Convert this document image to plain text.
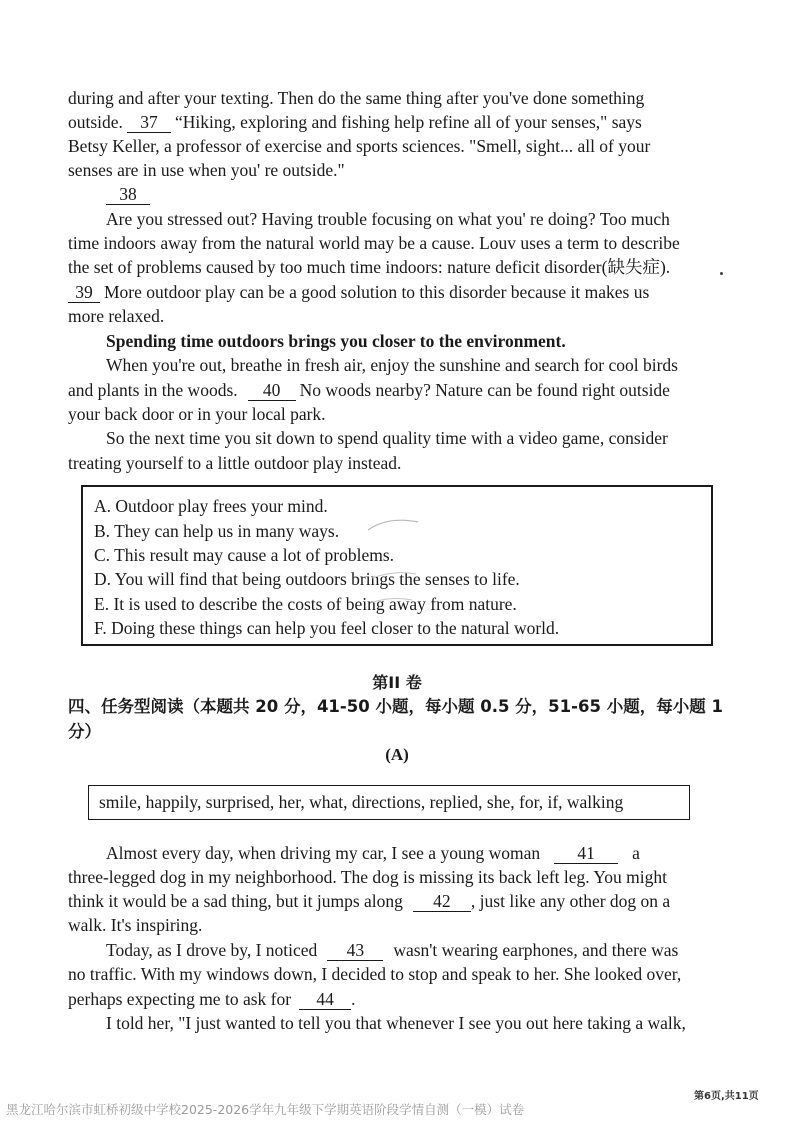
during and after your texting. Then do the same thing after you've done something
outside. 37 “Hiking, exploring and fishing help refine all of your senses," says
Betsy Keller, a professor of exercise and sports sciences. "Smell, sight... all of your
senses are in use when you' re outside."
38
Are you stressed out? Having trouble focusing on what you' re doing? Too much
time indoors away from the natural world may be a cause. Louv uses a term to describe
the set of problems caused by too much time indoors: nature deficit disorder(缺失症).
39 More outdoor play can be a good solution to this disorder because it makes us
more relaxed.
Spending time outdoors brings you closer to the environment.
When you're out, breathe in fresh air, enjoy the sunshine and search for cool birds
and plants in the woods. 40 No woods nearby? Nature can be found right outside
your back door or in your local park.
So the next time you sit down to spend quality time with a video game, consider
treating yourself to a little outdoor play instead.
A. Outdoor play frees your mind.
B. They can help us in many ways.
C. This result may cause a lot of problems.
D. You will find that being outdoors brings the senses to life.
E. It is used to describe the costs of being away from nature.
F. Doing these things can help you feel closer to the natural world.
第II 卷
四、任务型阅读（本题共 20 分，41-50 小题，每小题 0.5 分，51-65 小题，每小题 1
分）
(A)
smile, happily, surprised, her, what, directions, replied, she, for, if, walking
Almost every day, when driving my car, I see a young woman 41 a
three-legged dog in my neighborhood. The dog is missing its back left leg. You might
think it would be a sad thing, but it jumps along 42 , just like any other dog on a
walk. It's inspiring.
Today, as I drove by, I noticed 43 wasn't wearing earphones, and there was
no traffic. With my windows down, I decided to stop and speak to her. She looked over,
perhaps expecting me to ask for 44 .
I told her, "I just wanted to tell you that whenever I see you out here taking a walk,
第6页,共11页
黑龙江哈尔滨市虹桥初级中学校2025-2026学年九年级下学期英语阶段学情自测（一模）试卷
